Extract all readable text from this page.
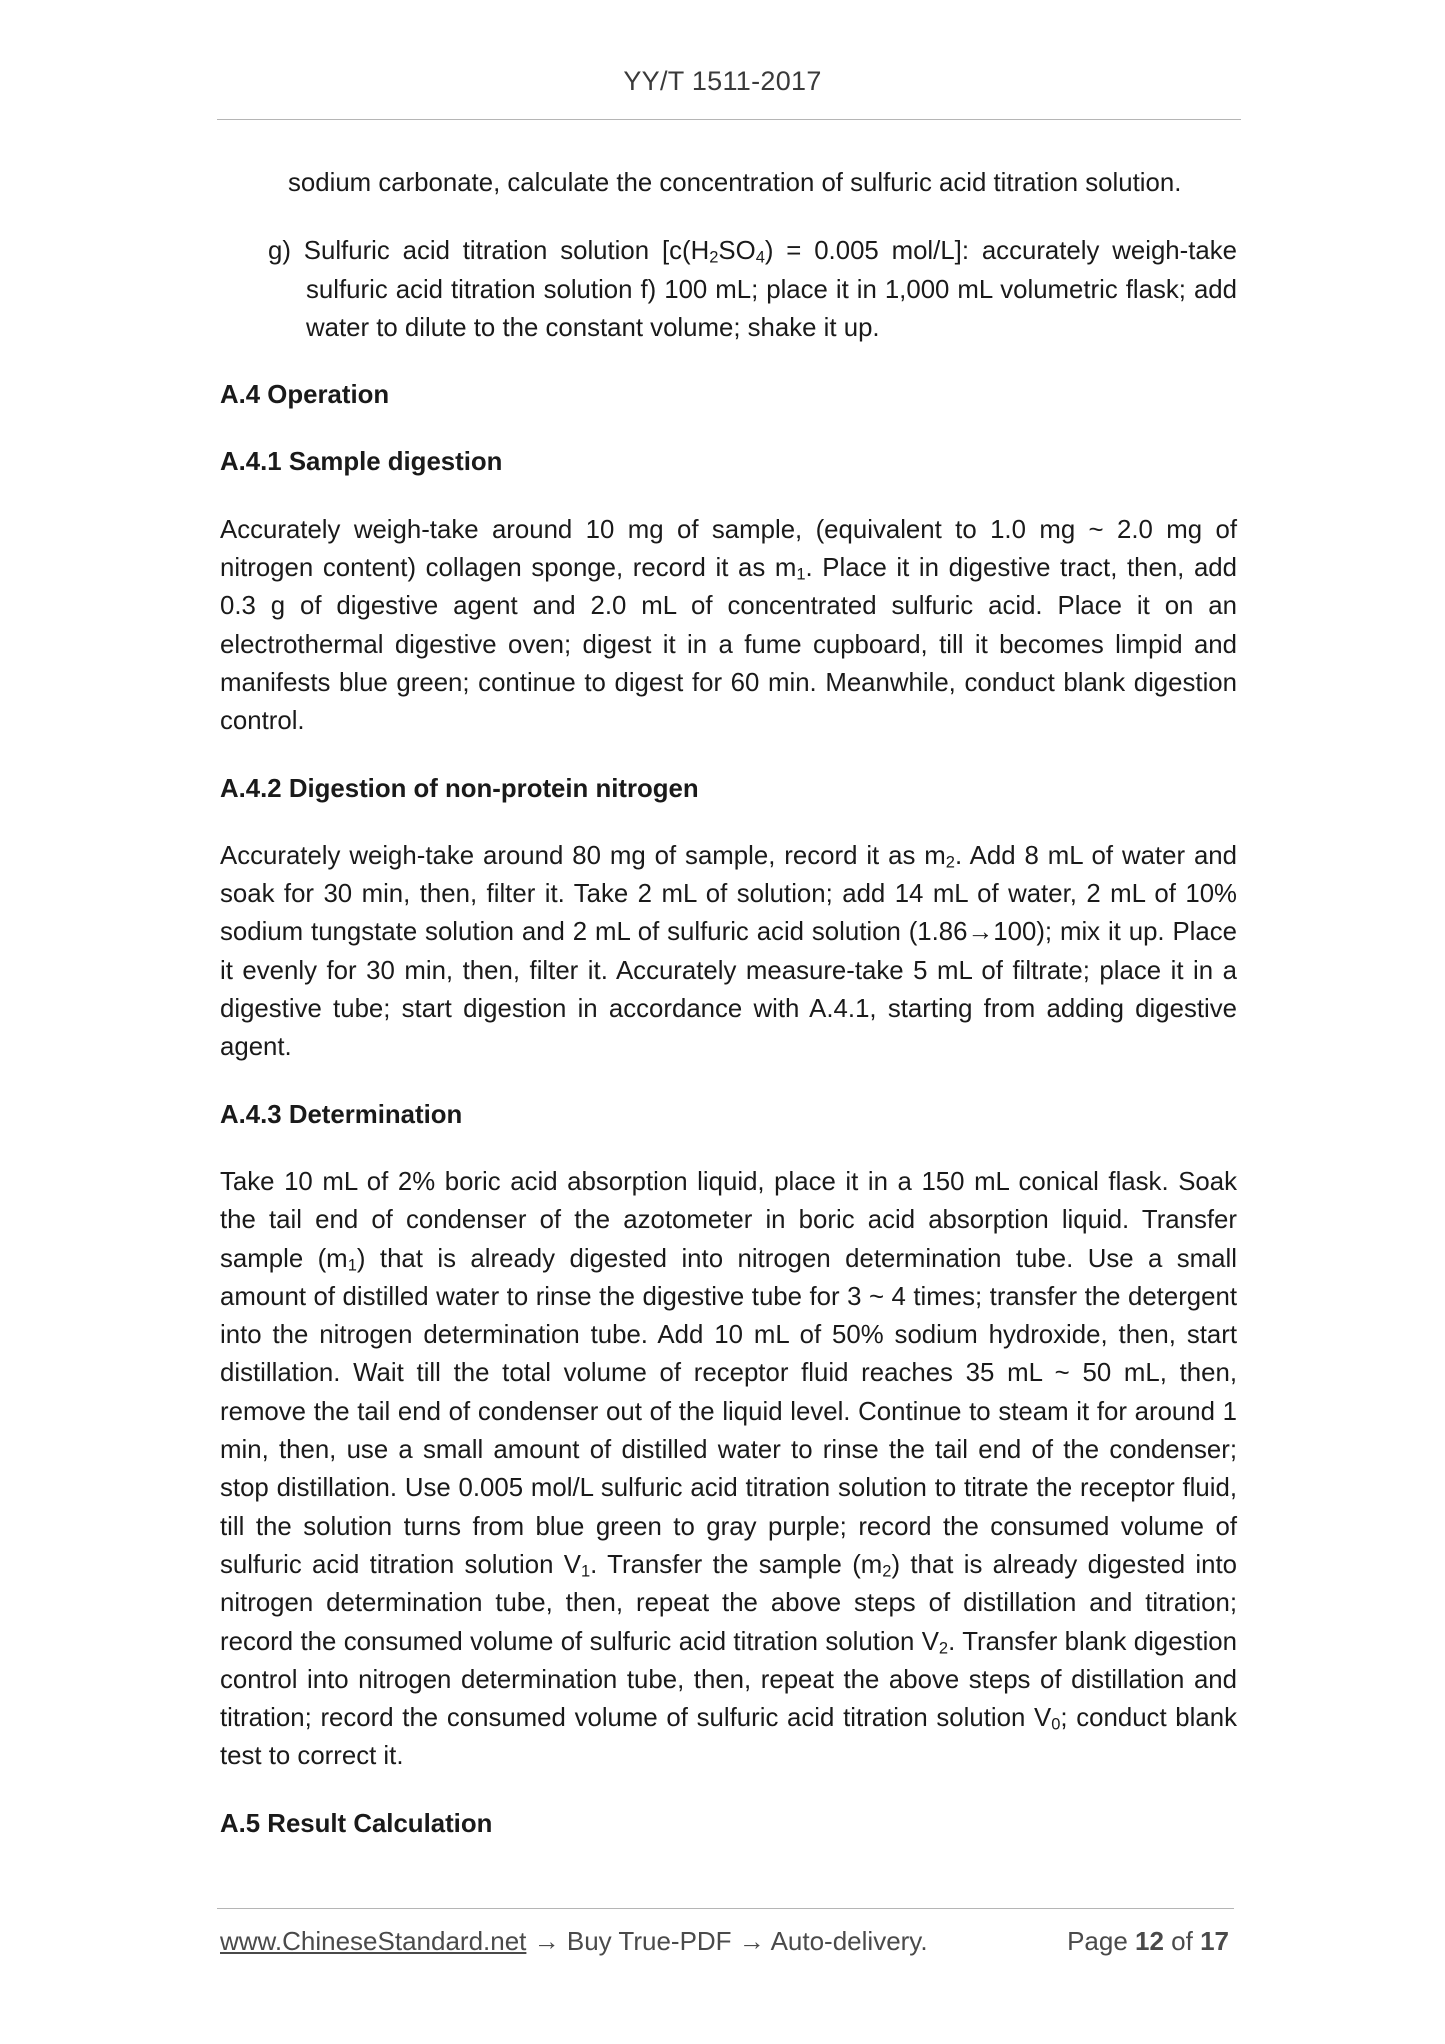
YY/T 1511-2017

sodium carbonate, calculate the concentration of sulfuric acid titration solution.

g) Sulfuric acid titration solution [$c(H_2SO_4) = 0.005$ mol/L]: accurately weigh-take sulfuric acid titration solution f) 100 mL; place it in 1,000 mL volumetric flask; add water to dilute to the constant volume; shake it up.

A.4 Operation

A.4.1 Sample digestion

Accurately weigh-take around 10 mg of sample, (equivalent to 1.0 mg ~ 2.0 mg of nitrogen content) collagen sponge, record it as $m_1$. Place it in digestive tract, then, add 0.3 g of digestive agent and 2.0 mL of concentrated sulfuric acid. Place it on an electrothermal digestive oven; digest it in a fume cupboard, till it becomes limpid and manifests blue green; continue to digest for 60 min. Meanwhile, conduct blank digestion control.

A.4.2 Digestion of non-protein nitrogen

Accurately weigh-take around 80 mg of sample, record it as $m_2$. Add 8 mL of water and soak for 30 min, then, filter it. Take 2 mL of solution; add 14 mL of water, 2 mL of 10% sodium tungstate solution and 2 mL of sulfuric acid solution (1.86→100); mix it up. Place it evenly for 30 min, then, filter it. Accurately measure-take 5 mL of filtrate; place it in a digestive tube; start digestion in accordance with A.4.1, starting from adding digestive agent.

A.4.3 Determination

Take 10 mL of 2% boric acid absorption liquid, place it in a 150 mL conical flask. Soak the tail end of condenser of the azotometer in boric acid absorption liquid. Transfer sample $(m_1)$ that is already digested into nitrogen determination tube. Use a small amount of distilled water to rinse the digestive tube for 3 ~ 4 times; transfer the detergent into the nitrogen determination tube. Add 10 mL of 50% sodium hydroxide, then, start distillation. Wait till the total volume of receptor fluid reaches 35 mL ~ 50 mL, then, remove the tail end of condenser out of the liquid level. Continue to steam it for around 1 min, then, use a small amount of distilled water to rinse the tail end of the condenser; stop distillation. Use 0.005 mol/L sulfuric acid titration solution to titrate the receptor fluid, till the solution turns from blue green to gray purple; record the consumed volume of sulfuric acid titration solution $V_1$. Transfer the sample $(m_2)$ that is already digested into nitrogen determination tube, then, repeat the above steps of distillation and titration; record the consumed volume of sulfuric acid titration solution $V_2$. Transfer blank digestion control into nitrogen determination tube, then, repeat the above steps of distillation and titration; record the consumed volume of sulfuric acid titration solution $V_0$; conduct blank test to correct it.

A.5 Result Calculation

www.ChineseStandard.net → Buy True-PDF → Auto-delivery.	Page 12 of 17
